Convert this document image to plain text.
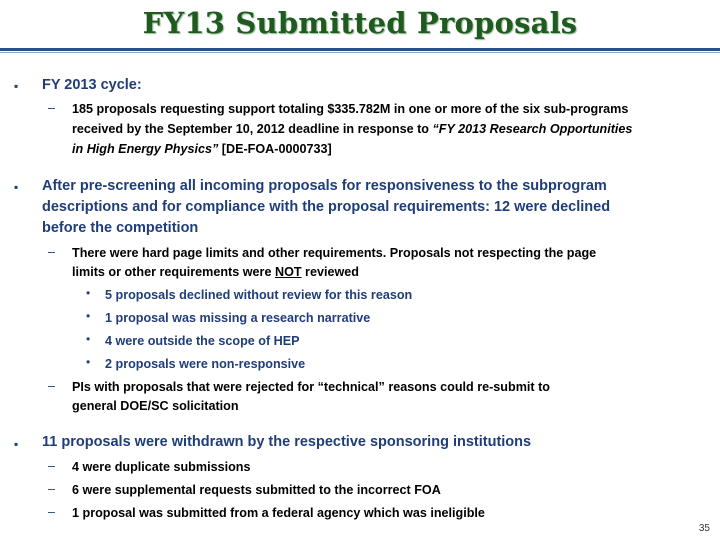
FY13 Submitted Proposals
▪ FY 2013 cycle:
– 185 proposals requesting support totaling $335.782M in one or more of the six sub-programs
received by the September 10, 2012 deadline in response to “FY 2013 Research Opportunities
in High Energy Physics” [DE-FOA-0000733]
▪ After pre-screening all incoming proposals for responsiveness to the subprogram
descriptions and for compliance with the proposal requirements: 12 were declined
before the competition
– There were hard page limits and other requirements. Proposals not respecting the page
limits or other requirements were NOT reviewed
• 5 proposals declined without review for this reason
• 1 proposal was missing a research narrative
• 4 were outside the scope of HEP
• 2 proposals were non-responsive
– PIs with proposals that were rejected for “technical” reasons could re-submit to
general DOE/SC solicitation
▪ 11 proposals were withdrawn by the respective sponsoring institutions
– 4 were duplicate submissions
– 6 were supplemental requests submitted to the incorrect FOA
– 1 proposal was submitted from a federal agency which was ineligible
35
